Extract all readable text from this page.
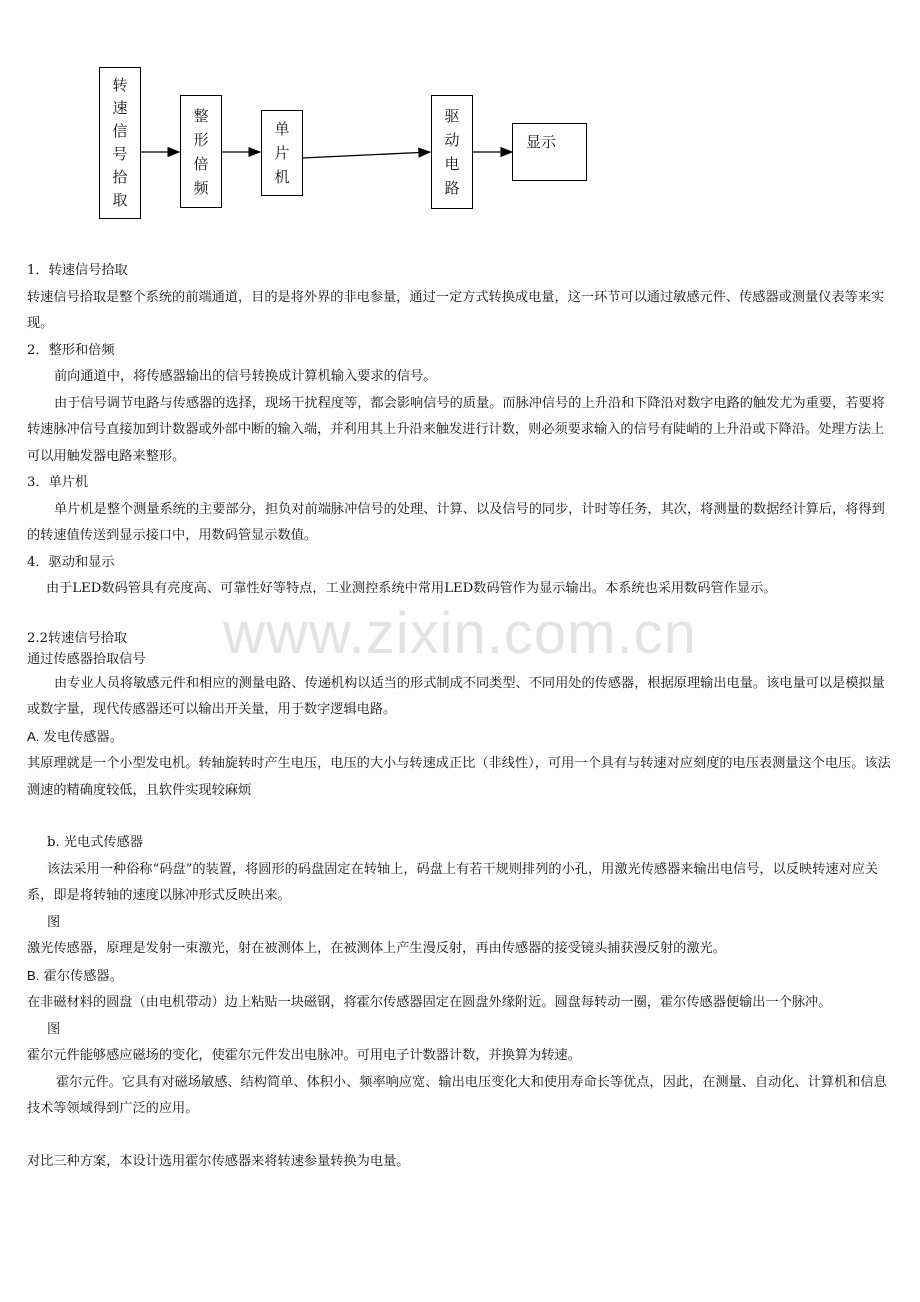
www.zixin.com.cn
转速信号拾取
整形倍频
单片机
驱动电路
显示

1．转速信号拾取

转速信号拾取是整个系统的前端通道，目的是将外界的非电参量，通过一定方式转换成电量，这一环节可以通过敏感元件、传感器或测量仪表等来实现。

2．整形和倍频

前向通道中，将传感器输出的信号转换成计算机输入要求的信号。

由于信号调节电路与传感器的选择，现场干扰程度等，都会影响信号的质量。而脉冲信号的上升沿和下降沿对数字电路的触发尤为重要，若要将转速脉冲信号直接加到计数器或外部中断的输入端，并利用其上升沿来触发进行计数，则必须要求输入的信号有陡峭的上升沿或下降沿。处理方法上可以用触发器电路来整形。

3．单片机

单片机是整个测量系统的主要部分，担负对前端脉冲信号的处理、计算、以及信号的同步，计时等任务，其次，将测量的数据经计算后，将得到的转速值传送到显示接口中，用数码管显示数值。

4．驱动和显示

由于LED数码管具有亮度高、可靠性好等特点，工业测控系统中常用LED数码管作为显示输出。本系统也采用数码管作显示。

2.2转速信号拾取

通过传感器拾取信号

由专业人员将敏感元件和相应的测量电路、传递机构以适当的形式制成不同类型、不同用处的传感器，根据原理输出电量。该电量可以是模拟量或数字量，现代传感器还可以输出开关量，用于数字逻辑电路。

A. 发电传感器。

其原理就是一个小型发电机。转轴旋转时产生电压，电压的大小与转速成正比（非线性），可用一个具有与转速对应刻度的电压表测量这个电压。该法测速的精确度较低，且软件实现较麻烦

b. 光电式传感器

该法采用一种俗称“码盘”的装置，将圆形的码盘固定在转轴上，码盘上有若干规则排列的小孔，用激光传感器来输出电信号，以反映转速对应关系，即是将转轴的速度以脉冲形式反映出来。

图

激光传感器，原理是发射一束激光，射在被测体上，在被测体上产生漫反射，再由传感器的接受镜头捕获漫反射的激光。

B. 霍尔传感器。

在非磁材料的圆盘（由电机带动）边上粘贴一块磁钢，将霍尔传感器固定在圆盘外缘附近。圆盘每转动一圈，霍尔传感器便输出一个脉冲。

图

霍尔元件能够感应磁场的变化，使霍尔元件发出电脉冲。可用电子计数器计数，并换算为转速。

霍尔元件。它具有对磁场敏感、结构简单、体积小、频率响应宽、输出电压变化大和使用寿命长等优点，因此，在测量、自动化、计算机和信息技术等领域得到广泛的应用。

对比三种方案，本设计选用霍尔传感器来将转速参量转换为电量。
